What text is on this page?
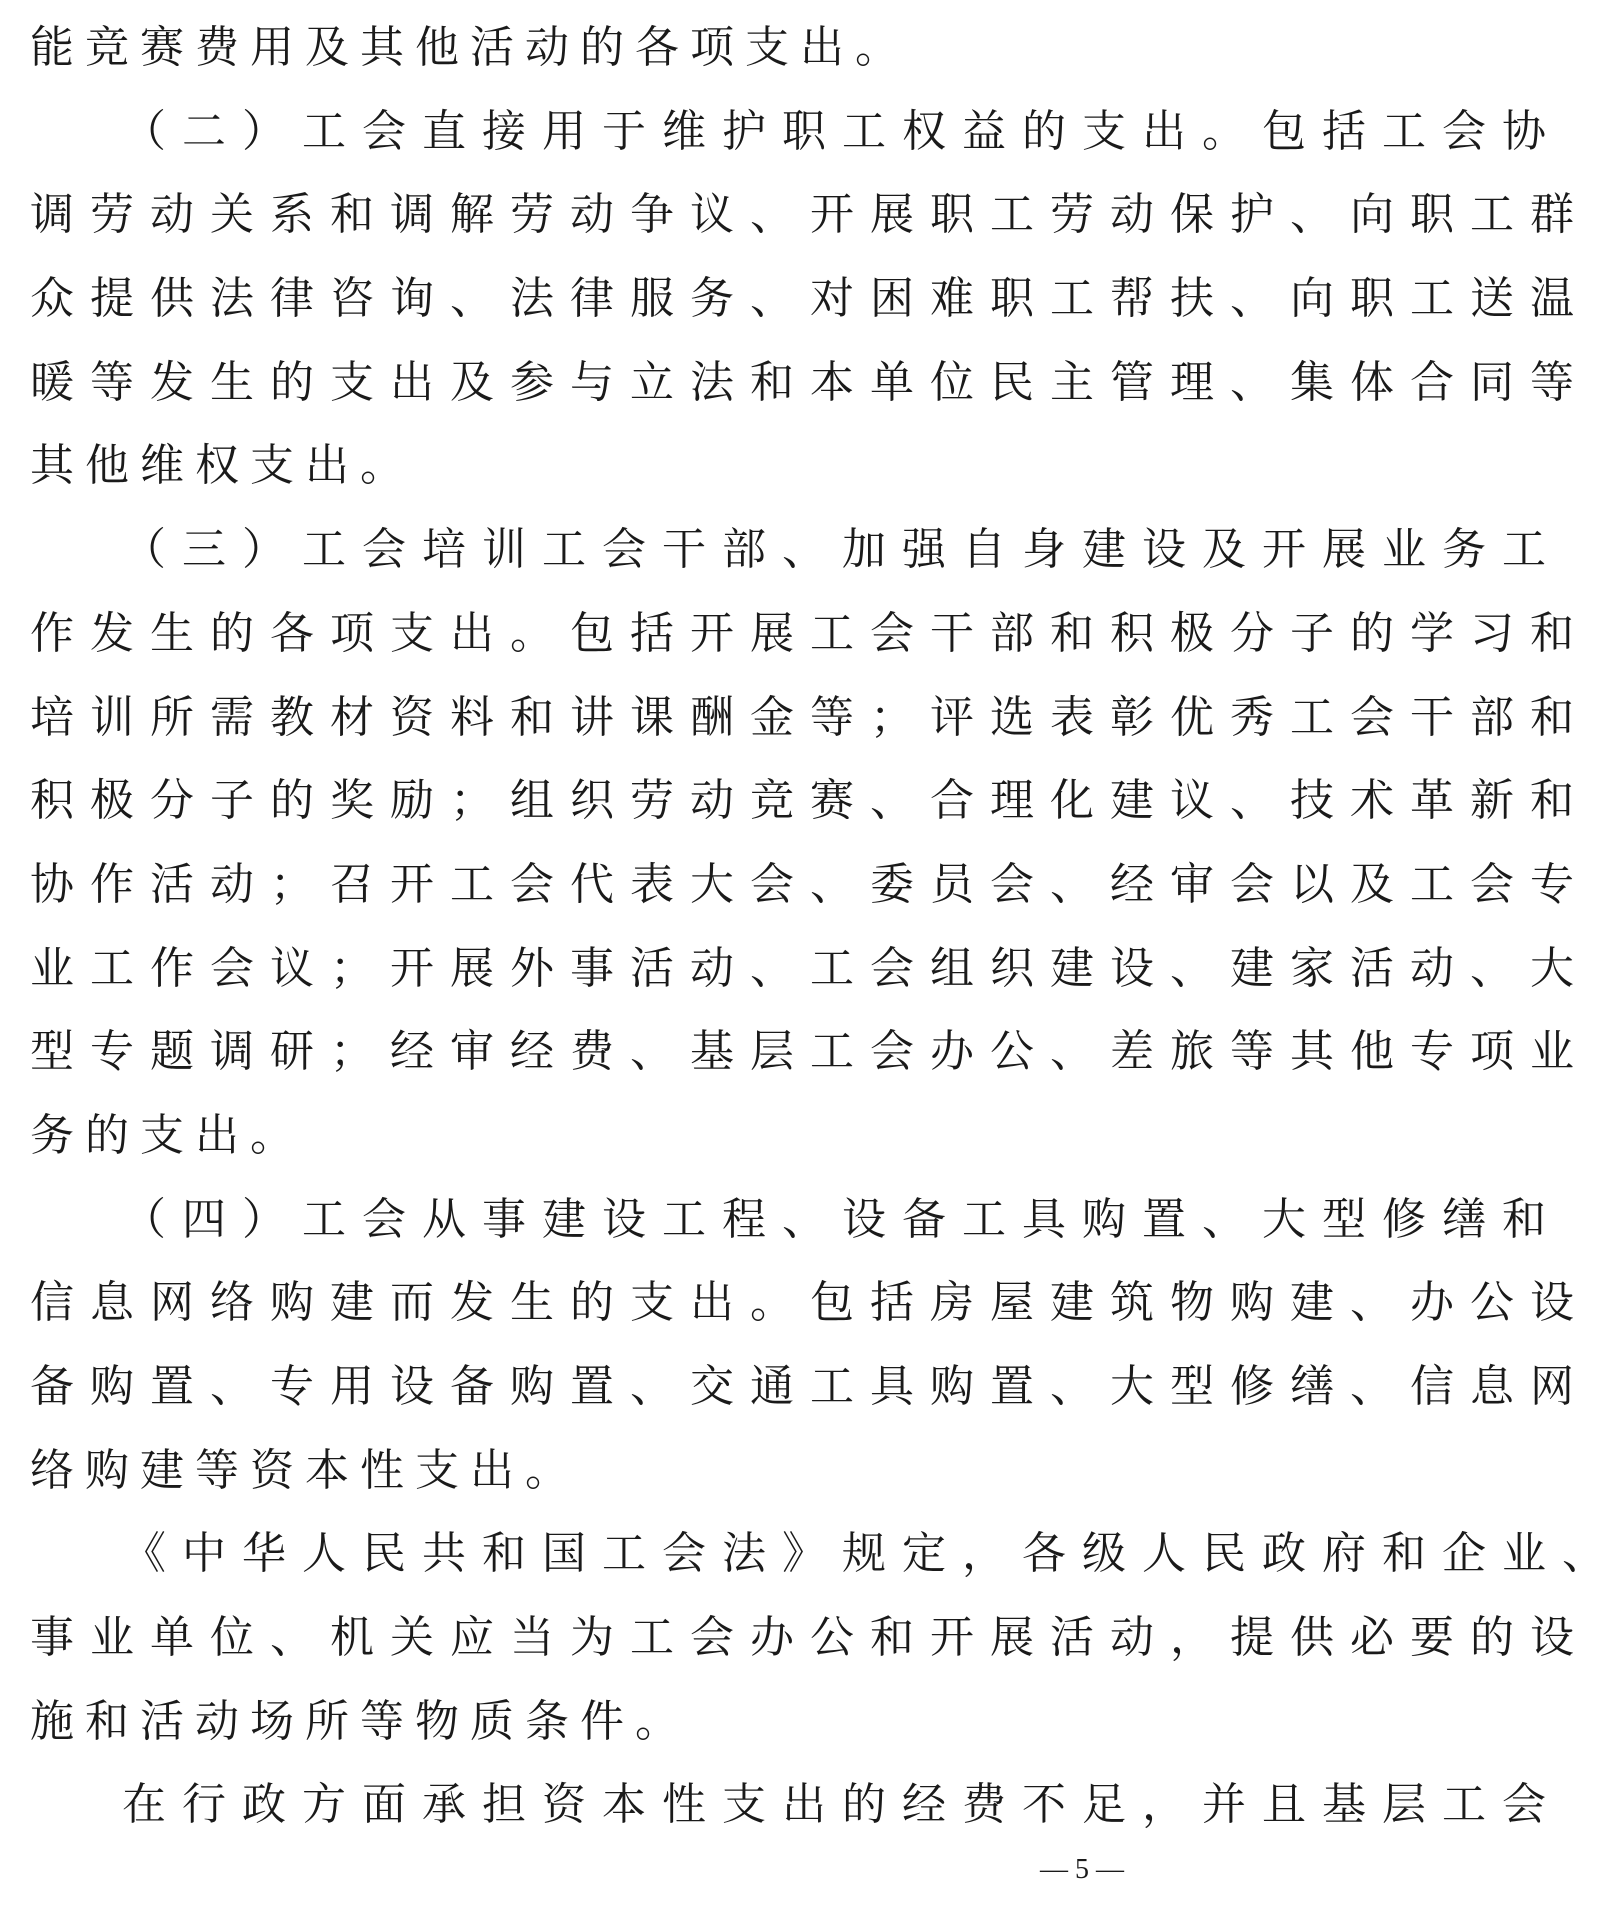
能竞赛费用及其他活动的各项支出。
（二）工会直接用于维护职工权益的支出。包括工会协
调劳动关系和调解劳动争议、开展职工劳动保护、向职工群
众提供法律咨询、法律服务、对困难职工帮扶、向职工送温
暖等发生的支出及参与立法和本单位民主管理、集体合同等
其他维权支出。
（三）工会培训工会干部、加强自身建设及开展业务工
作发生的各项支出。包括开展工会干部和积极分子的学习和
培训所需教材资料和讲课酬金等；评选表彰优秀工会干部和
积极分子的奖励；组织劳动竞赛、合理化建议、技术革新和
协作活动；召开工会代表大会、委员会、经审会以及工会专
业工作会议；开展外事活动、工会组织建设、建家活动、大
型专题调研；经审经费、基层工会办公、差旅等其他专项业
务的支出。
（四）工会从事建设工程、设备工具购置、大型修缮和
信息网络购建而发生的支出。包括房屋建筑物购建、办公设
备购置、专用设备购置、交通工具购置、大型修缮、信息网
络购建等资本性支出。
《中华人民共和国工会法》规定，各级人民政府和企业、
事业单位、机关应当为工会办公和开展活动，提供必要的设
施和活动场所等物质条件。
在行政方面承担资本性支出的经费不足，并且基层工会
— 5 —
